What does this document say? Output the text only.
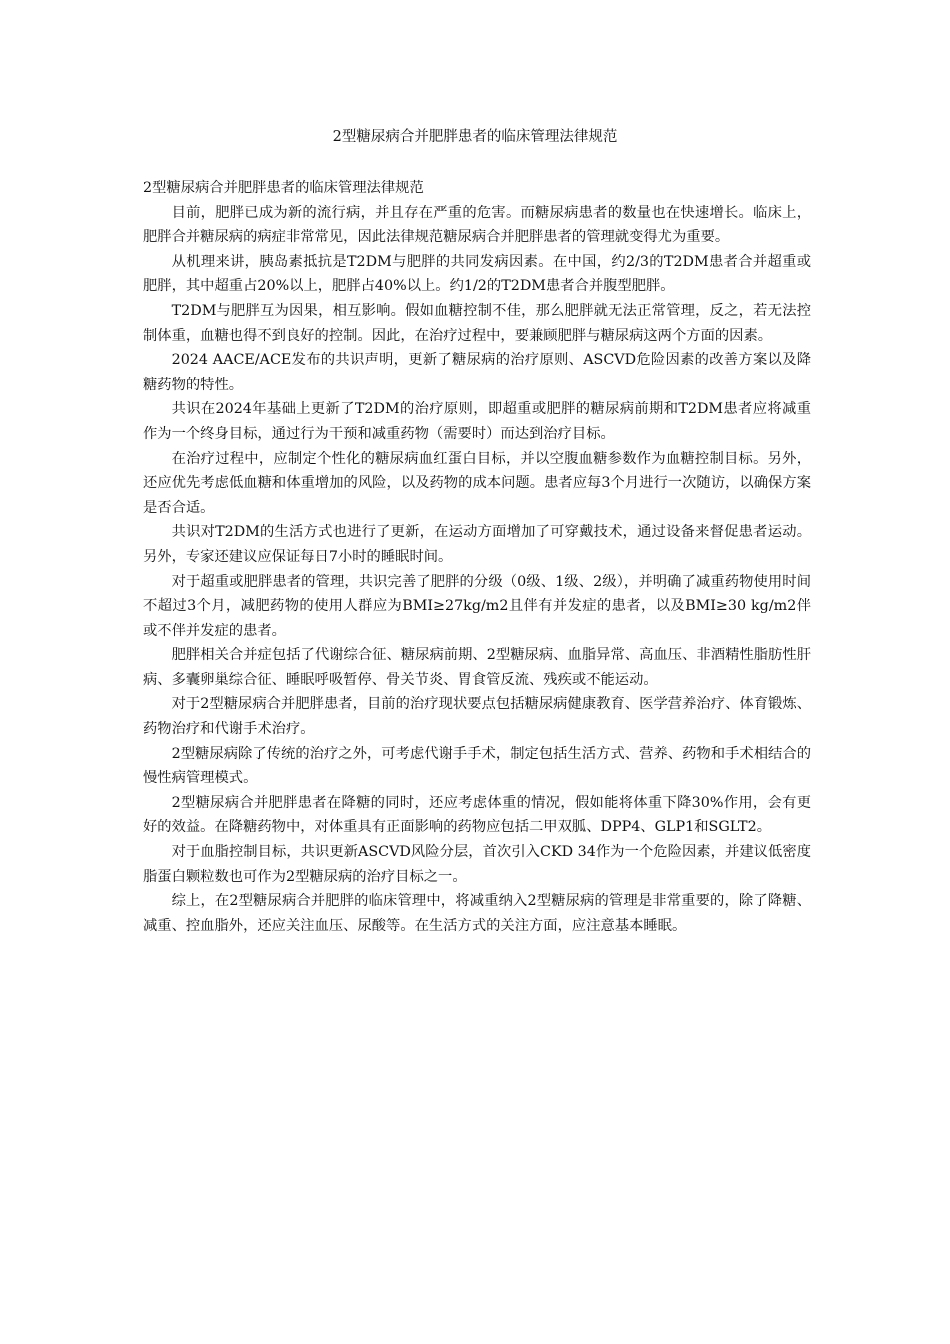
2型糖尿病合并肥胖患者的临床管理法律规范

2型糖尿病合并肥胖患者的临床管理法律规范

目前，肥胖已成为新的流行病，并且存在严重的危害。而糖尿病患者的数量也在快速增长。临床上，肥胖合并糖尿病的病症非常常见，因此法律规范糖尿病合并肥胖患者的管理就变得尤为重要。

从机理来讲，胰岛素抵抗是T2DM与肥胖的共同发病因素。在中国，约2/3的T2DM患者合并超重或肥胖，其中超重占20%以上，肥胖占40%以上。约1/2的T2DM患者合并腹型肥胖。

T2DM与肥胖互为因果，相互影响。假如血糖控制不佳，那么肥胖就无法正常管理，反之，若无法控制体重，血糖也得不到良好的控制。因此，在治疗过程中，要兼顾肥胖与糖尿病这两个方面的因素。

2024 AACE/ACE发布的共识声明，更新了糖尿病的治疗原则、ASCVD危险因素的改善方案以及降糖药物的特性。

共识在2024年基础上更新了T2DM的治疗原则，即超重或肥胖的糖尿病前期和T2DM患者应将减重作为一个终身目标，通过行为干预和减重药物（需要时）而达到治疗目标。

在治疗过程中，应制定个性化的糖尿病血红蛋白目标，并以空腹血糖参数作为血糖控制目标。另外，还应优先考虑低血糖和体重增加的风险，以及药物的成本问题。患者应每3个月进行一次随访，以确保方案是否合适。

共识对T2DM的生活方式也进行了更新，在运动方面增加了可穿戴技术，通过设备来督促患者运动。另外，专家还建议应保证每日7小时的睡眠时间。

对于超重或肥胖患者的管理，共识完善了肥胖的分级（0级、1级、2级），并明确了减重药物使用时间不超过3个月，减肥药物的使用人群应为BMI≥27kg/m2且伴有并发症的患者，以及BMI≥30 kg/m2伴或不伴并发症的患者。

肥胖相关合并症包括了代谢综合征、糖尿病前期、2型糖尿病、血脂异常、高血压、非酒精性脂肪性肝病、多囊卵巢综合征、睡眠呼吸暂停、骨关节炎、胃食管反流、残疾或不能运动。

对于2型糖尿病合并肥胖患者，目前的治疗现状要点包括糖尿病健康教育、医学营养治疗、体育锻炼、药物治疗和代谢手术治疗。

2型糖尿病除了传统的治疗之外，可考虑代谢手手术，制定包括生活方式、营养、药物和手术相结合的慢性病管理模式。

2型糖尿病合并肥胖患者在降糖的同时，还应考虑体重的情况，假如能将体重下降30%作用，会有更好的效益。在降糖药物中，对体重具有正面影响的药物应包括二甲双胍、DPP4、GLP1和SGLT2。

对于血脂控制目标，共识更新ASCVD风险分层，首次引入CKD 34作为一个危险因素，并建议低密度脂蛋白颗粒数也可作为2型糖尿病的治疗目标之一。

综上，在2型糖尿病合并肥胖的临床管理中，将减重纳入2型糖尿病的管理是非常重要的，除了降糖、减重、控血脂外，还应关注血压、尿酸等。在生活方式的关注方面，应注意基本睡眠。
